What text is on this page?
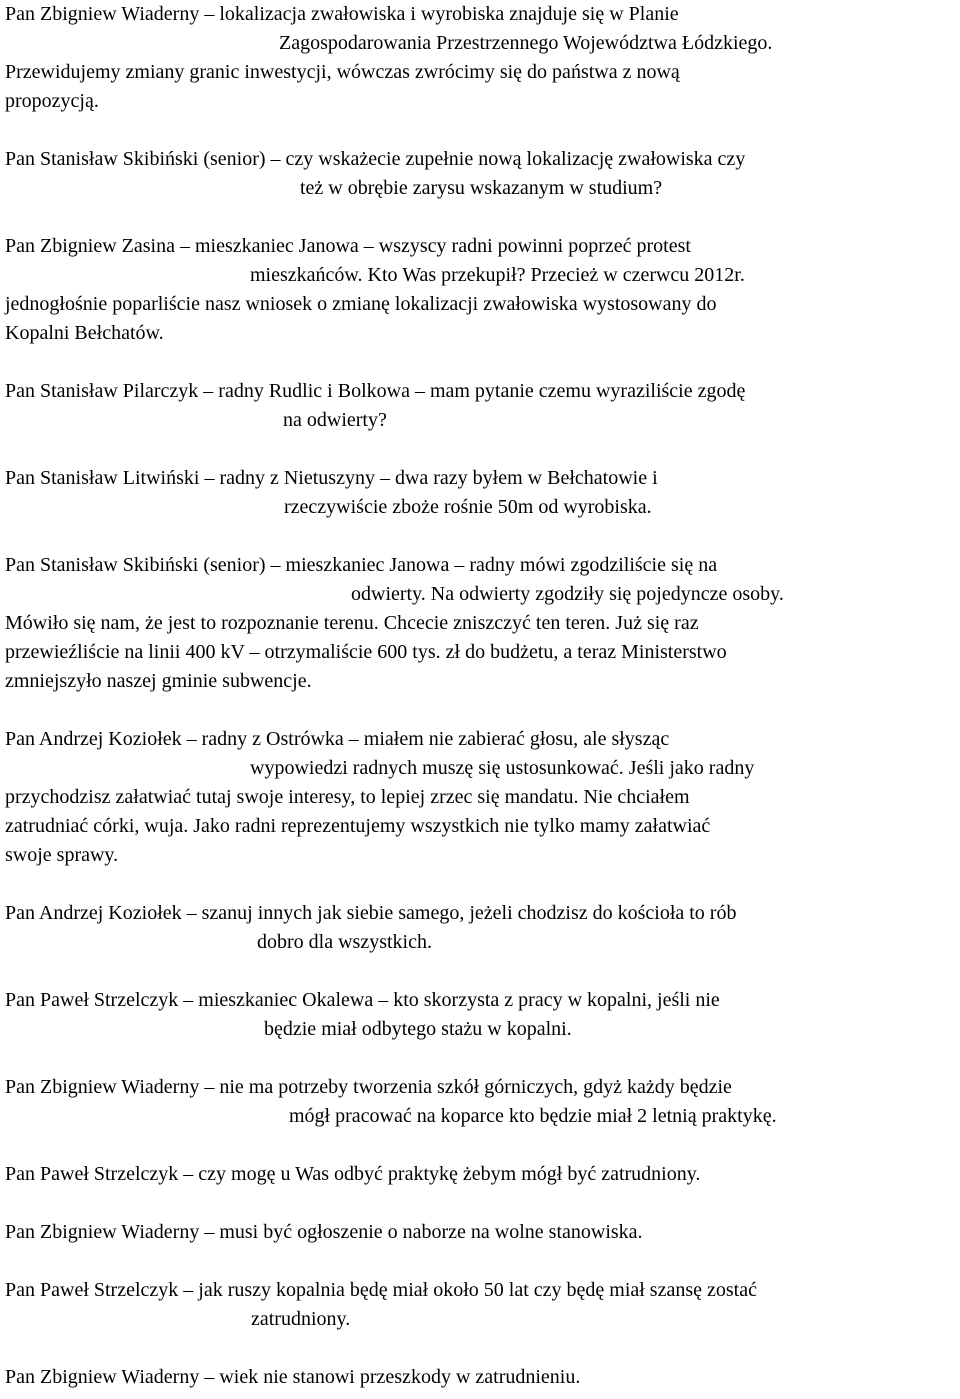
Pan Zbigniew Wiaderny – lokalizacja zwałowiska i wyrobiska znajduje się w Planie
Zagospodarowania Przestrzennego Województwa Łódzkiego.
Przewidujemy zmiany granic inwestycji, wówczas zwrócimy się do państwa z nową
propozycją.
Pan Stanisław Skibiński (senior) – czy wskażecie zupełnie nową lokalizację zwałowiska czy
też w obrębie zarysu wskazanym w studium?
Pan Zbigniew Zasina – mieszkaniec Janowa – wszyscy radni powinni poprzeć protest
mieszkańców. Kto Was przekupił? Przecież w czerwcu 2012r.
jednogłośnie poparliście nasz wniosek o zmianę lokalizacji zwałowiska wystosowany do
Kopalni Bełchatów.
Pan Stanisław Pilarczyk – radny Rudlic i Bolkowa – mam pytanie czemu wyraziliście zgodę
na odwierty?
Pan Stanisław Litwiński – radny z Nietuszyny – dwa razy byłem w Bełchatowie i
rzeczywiście zboże rośnie 50m od wyrobiska.
Pan Stanisław Skibiński (senior) – mieszkaniec Janowa – radny mówi zgodziliście się na
odwierty. Na odwierty zgodziły się pojedyncze osoby.
Mówiło się nam, że jest to rozpoznanie terenu. Chcecie zniszczyć ten teren. Już się raz
przewieźliście na linii 400 kV – otrzymaliście 600 tys. zł do budżetu, a teraz Ministerstwo
zmniejszyło naszej gminie subwencje.
Pan Andrzej Koziołek – radny z Ostrówka – miałem nie zabierać głosu, ale słysząc
wypowiedzi radnych muszę się ustosunkować. Jeśli jako radny
przychodzisz załatwiać tutaj swoje interesy, to lepiej zrzec się mandatu. Nie chciałem
zatrudniać córki, wuja. Jako radni reprezentujemy wszystkich nie tylko mamy załatwiać
swoje sprawy.
Pan Andrzej Koziołek – szanuj innych jak siebie samego, jeżeli chodzisz do kościoła to rób
dobro dla wszystkich.
Pan Paweł Strzelczyk – mieszkaniec Okalewa – kto skorzysta z pracy w kopalni, jeśli nie
będzie miał odbytego stażu w kopalni.
Pan Zbigniew Wiaderny – nie ma potrzeby tworzenia szkół górniczych, gdyż każdy będzie
mógł pracować na koparce kto będzie miał 2 letnią praktykę.
Pan Paweł Strzelczyk – czy mogę u Was odbyć praktykę żebym mógł być zatrudniony.
Pan Zbigniew Wiaderny – musi być ogłoszenie o naborze na wolne stanowiska.
Pan Paweł Strzelczyk – jak ruszy kopalnia będę miał około 50 lat czy będę miał szansę zostać
zatrudniony.
Pan Zbigniew Wiaderny – wiek nie stanowi przeszkody w zatrudnieniu.
